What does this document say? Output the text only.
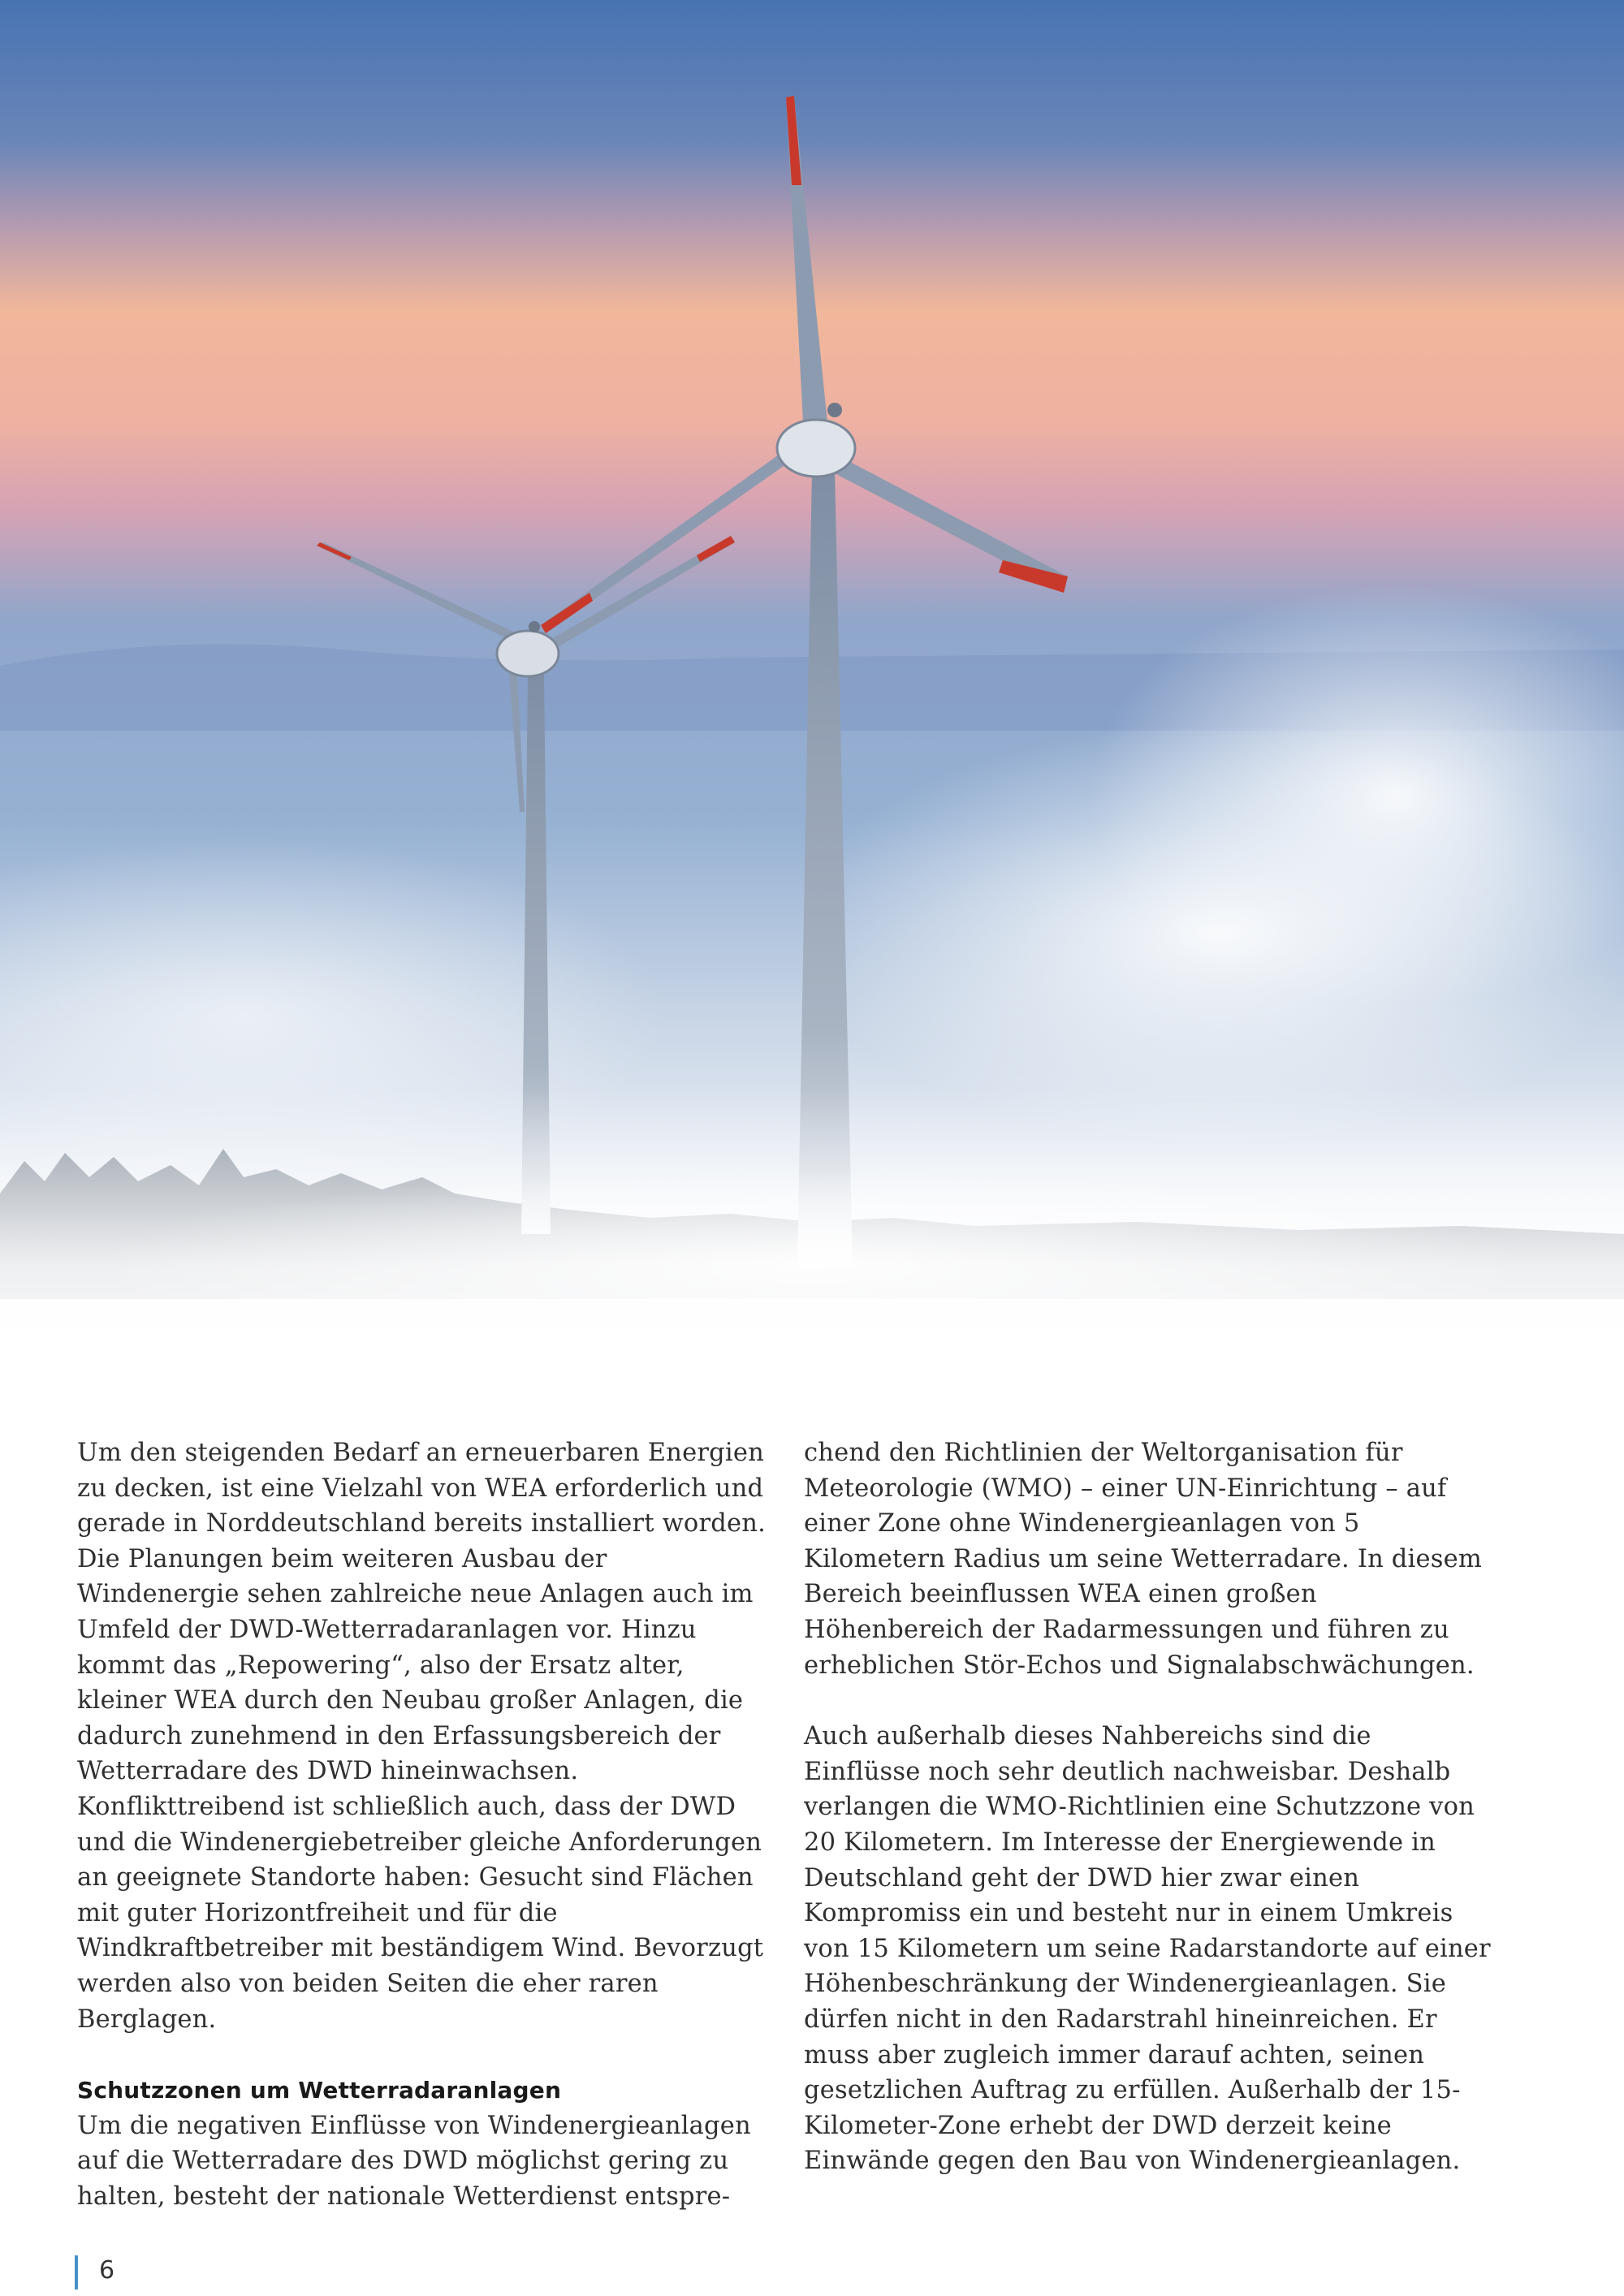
Um den steigenden Bedarf an erneuerbaren Energien zu decken, ist eine Vielzahl von WEA erforderlich und gerade in Norddeutschland bereits installiert worden. Die Planungen beim weiteren Ausbau der Windenergie sehen zahlreiche neue Anlagen auch im Umfeld der DWD-Wetterradaranlagen vor. Hinzu kommt das „Repowering“, also der Ersatz alter, kleiner WEA durch den Neubau großer Anlagen, die dadurch zunehmend in den Erfassungsbereich der Wetterradare des DWD hineinwachsen. Konflikttreibend ist schließlich auch, dass der DWD und die Windenergiebetreiber gleiche Anforderungen an geeignete Standorte haben: Gesucht sind Flächen mit guter Horizontfreiheit und für die Windkraftbetreiber mit beständigem Wind. Bevorzugt werden also von beiden Seiten die eher raren Berglagen.

Schutzzonen um Wetterradaranlagen

Um die negativen Einflüsse von Windenergieanlagen auf die Wetterradare des DWD möglichst gering zu halten, besteht der nationale Wetterdienst entspre-

chend den Richtlinien der Weltorganisation für Meteorologie (WMO) – einer UN-Einrichtung – auf einer Zone ohne Windenergieanlagen von 5 Kilometern Radius um seine Wetterradare. In diesem Bereich beeinflussen WEA einen großen Höhenbereich der Radarmessungen und führen zu erheblichen Stör-Echos und Signalabschwächungen.

Auch außerhalb dieses Nahbereichs sind die Einflüsse noch sehr deutlich nachweisbar. Deshalb verlangen die WMO-Richtlinien eine Schutzzone von 20 Kilometern. Im Interesse der Energiewende in Deutschland geht der DWD hier zwar einen Kompromiss ein und besteht nur in einem Umkreis von 15 Kilometern um seine Radarstandorte auf einer Höhenbeschränkung der Windenergieanlagen. Sie dürfen nicht in den Radarstrahl hineinreichen. Er muss aber zugleich immer darauf achten, seinen gesetzlichen Auftrag zu erfüllen. Außerhalb der 15-Kilometer-Zone erhebt der DWD derzeit keine Einwände gegen den Bau von Windenergieanlagen.

6
